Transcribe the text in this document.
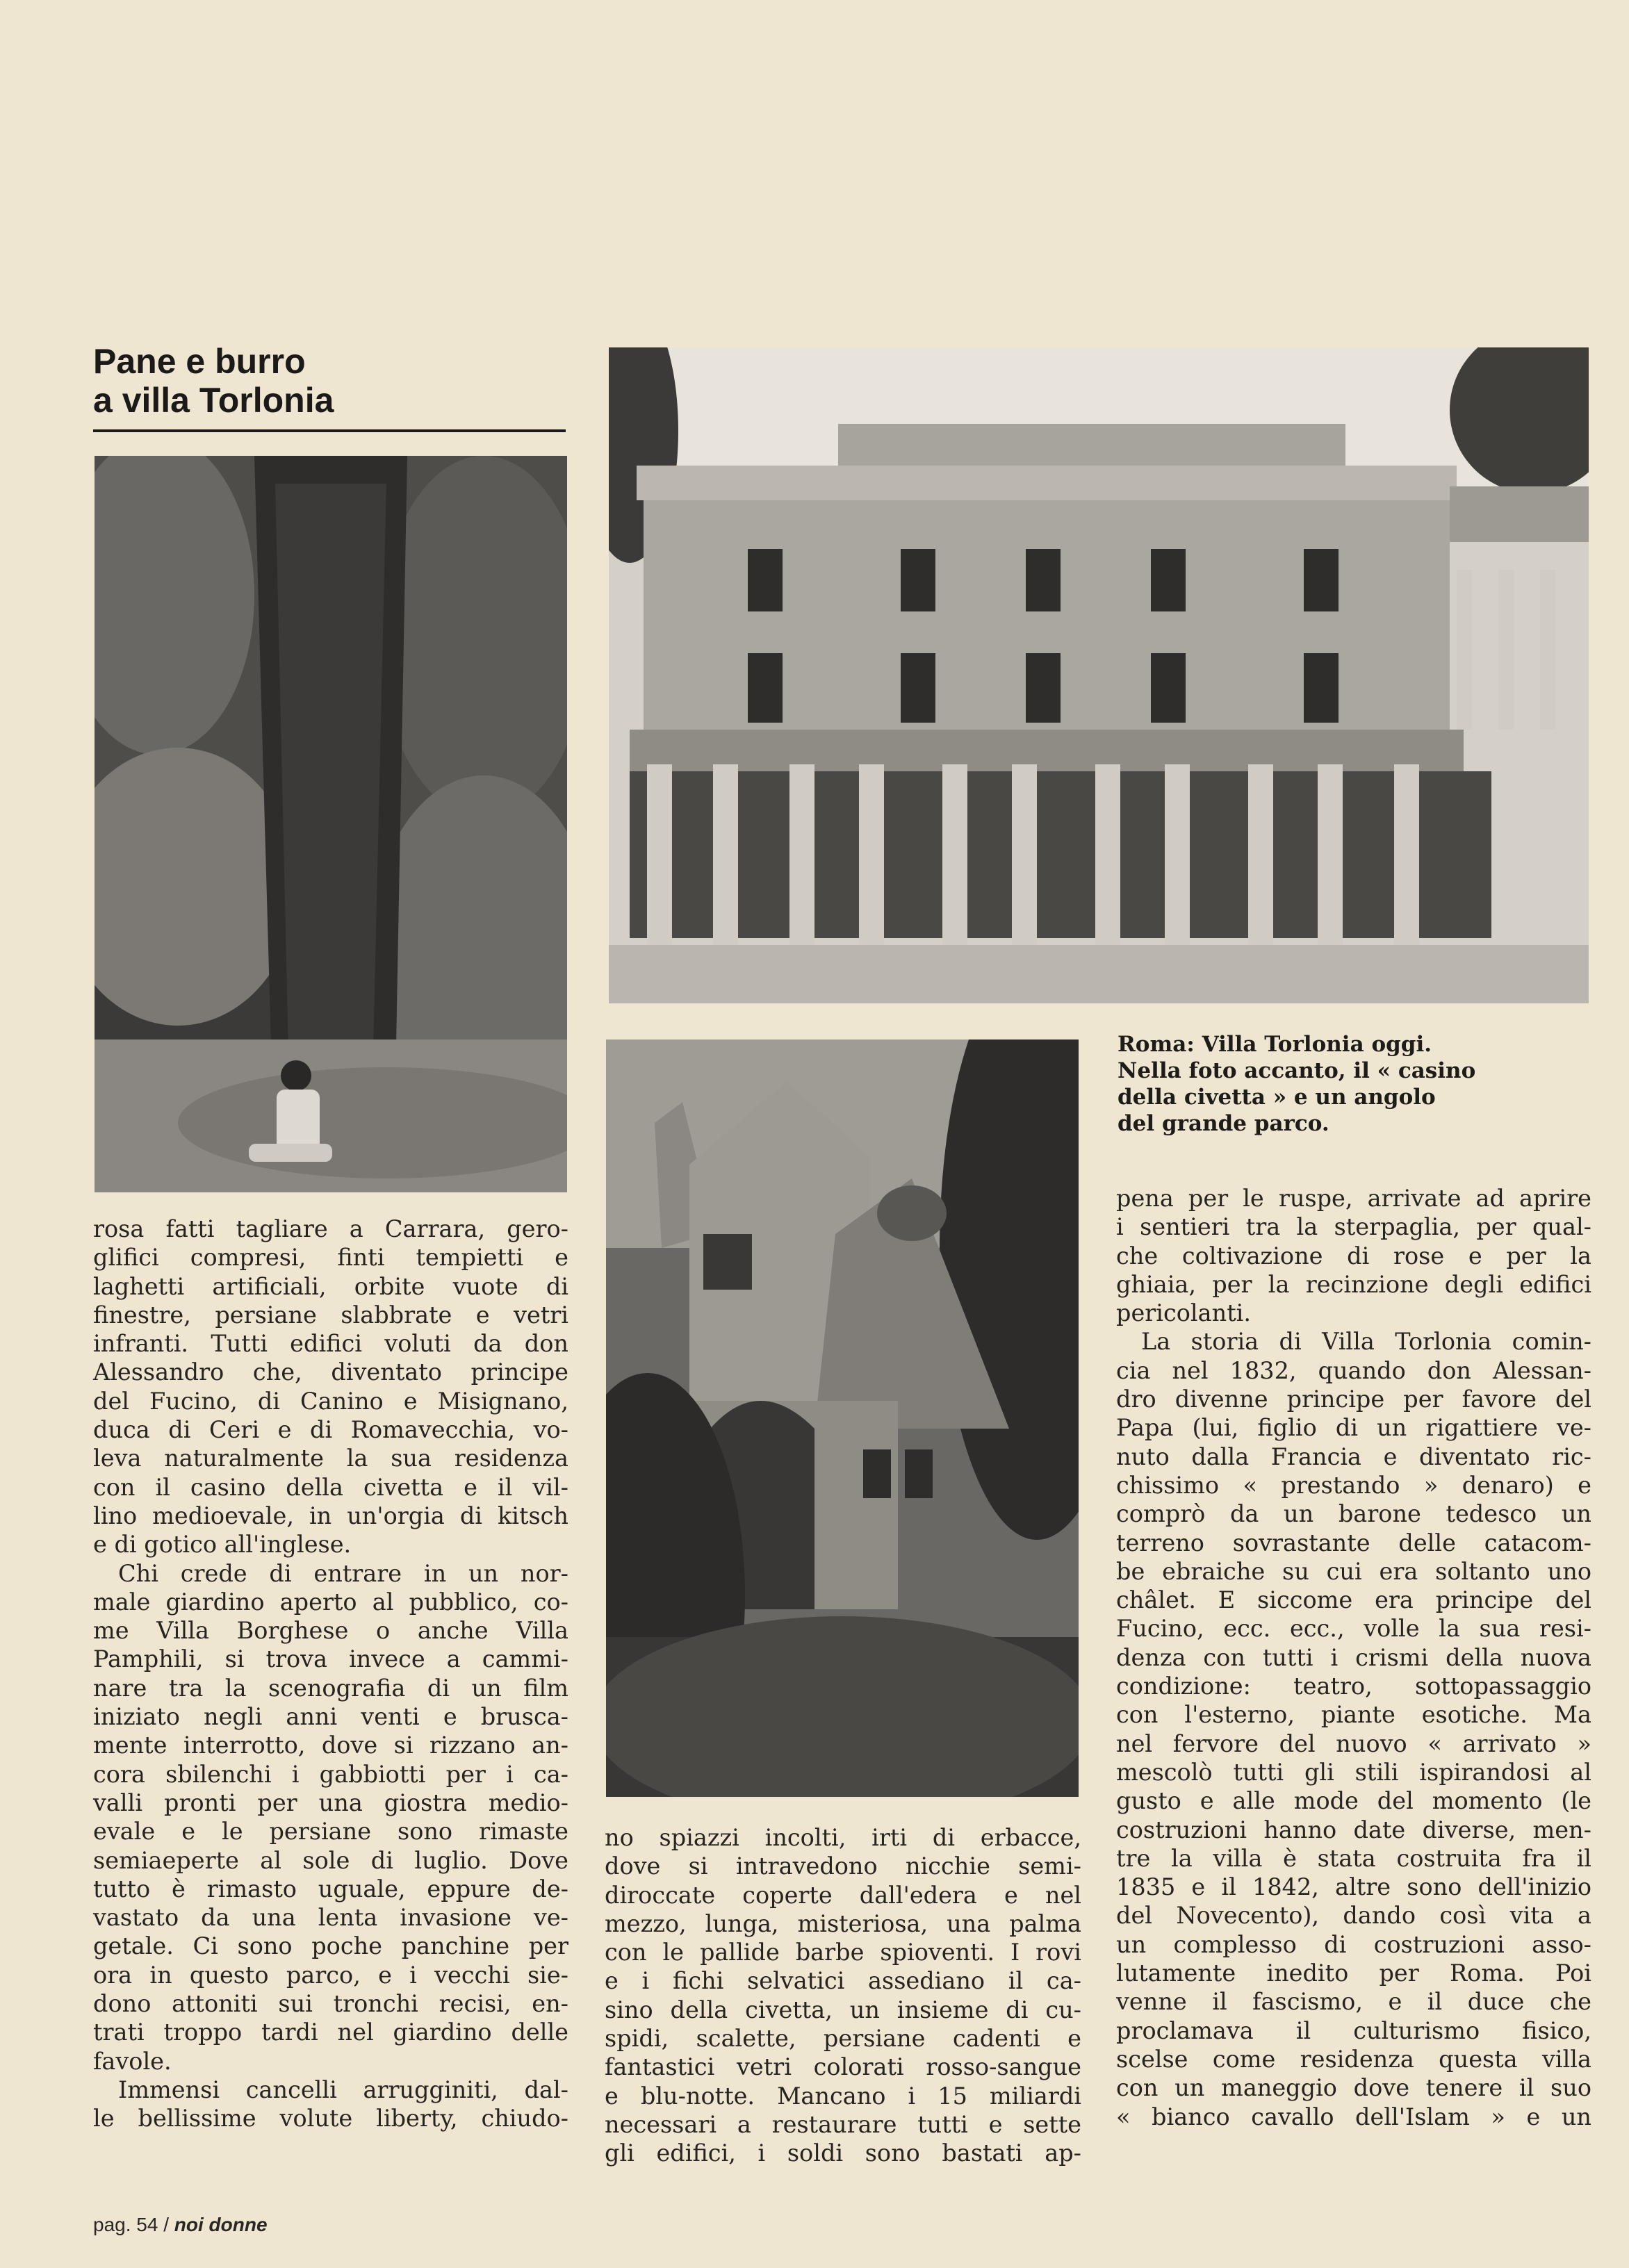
Pane e burro
a villa Torlonia
Roma: Villa Torlonia oggi.
Nella foto accanto, il « casino
della civetta » e un angolo
del grande parco.
rosa fatti tagliare a Carrara, gero-
glifici compresi, finti tempietti e
laghetti artificiali, orbite vuote di
finestre, persiane slabbrate e vetri
infranti. Tutti edifici voluti da don
Alessandro che, diventato principe
del Fucino, di Canino e Misignano,
duca di Ceri e di Romavecchia, vo-
leva naturalmente la sua residenza
con il casino della civetta e il vil-
lino medioevale, in un'orgia di kitsch
e di gotico all'inglese.
Chi crede di entrare in un nor-
male giardino aperto al pubblico, co-
me Villa Borghese o anche Villa
Pamphili, si trova invece a cammi-
nare tra la scenografia di un film
iniziato negli anni venti e brusca-
mente interrotto, dove si rizzano an-
cora sbilenchi i gabbiotti per i ca-
valli pronti per una giostra medio-
evale e le persiane sono rimaste
semiaeperte al sole di luglio. Dove
tutto è rimasto uguale, eppure de-
vastato da una lenta invasione ve-
getale. Ci sono poche panchine per
ora in questo parco, e i vecchi sie-
dono attoniti sui tronchi recisi, en-
trati troppo tardi nel giardino delle
favole.
Immensi cancelli arrugginiti, dal-
le bellissime volute liberty, chiudo-
no spiazzi incolti, irti di erbacce,
dove si intravedono nicchie semi-
diroccate coperte dall'edera e nel
mezzo, lunga, misteriosa, una palma
con le pallide barbe spioventi. I rovi
e i fichi selvatici assediano il ca-
sino della civetta, un insieme di cu-
spidi, scalette, persiane cadenti e
fantastici vetri colorati rosso-sangue
e blu-notte. Mancano i 15 miliardi
necessari a restaurare tutti e sette
gli edifici, i soldi sono bastati ap-
pena per le ruspe, arrivate ad aprire
i sentieri tra la sterpaglia, per qual-
che coltivazione di rose e per la
ghiaia, per la recinzione degli edifici
pericolanti.
La storia di Villa Torlonia comin-
cia nel 1832, quando don Alessan-
dro divenne principe per favore del
Papa (lui, figlio di un rigattiere ve-
nuto dalla Francia e diventato ric-
chissimo « prestando » denaro) e
comprò da un barone tedesco un
terreno sovrastante delle catacom-
be ebraiche su cui era soltanto uno
châlet. E siccome era principe del
Fucino, ecc. ecc., volle la sua resi-
denza con tutti i crismi della nuova
condizione: teatro, sottopassaggio
con l'esterno, piante esotiche. Ma
nel fervore del nuovo « arrivato »
mescolò tutti gli stili ispirandosi al
gusto e alle mode del momento (le
costruzioni hanno date diverse, men-
tre la villa è stata costruita fra il
1835 e il 1842, altre sono dell'inizio
del Novecento), dando così vita a
un complesso di costruzioni asso-
lutamente inedito per Roma. Poi
venne il fascismo, e il duce che
proclamava il culturismo fisico,
scelse come residenza questa villa
con un maneggio dove tenere il suo
« bianco cavallo dell'Islam » e un
pag. 54 / noi donne
